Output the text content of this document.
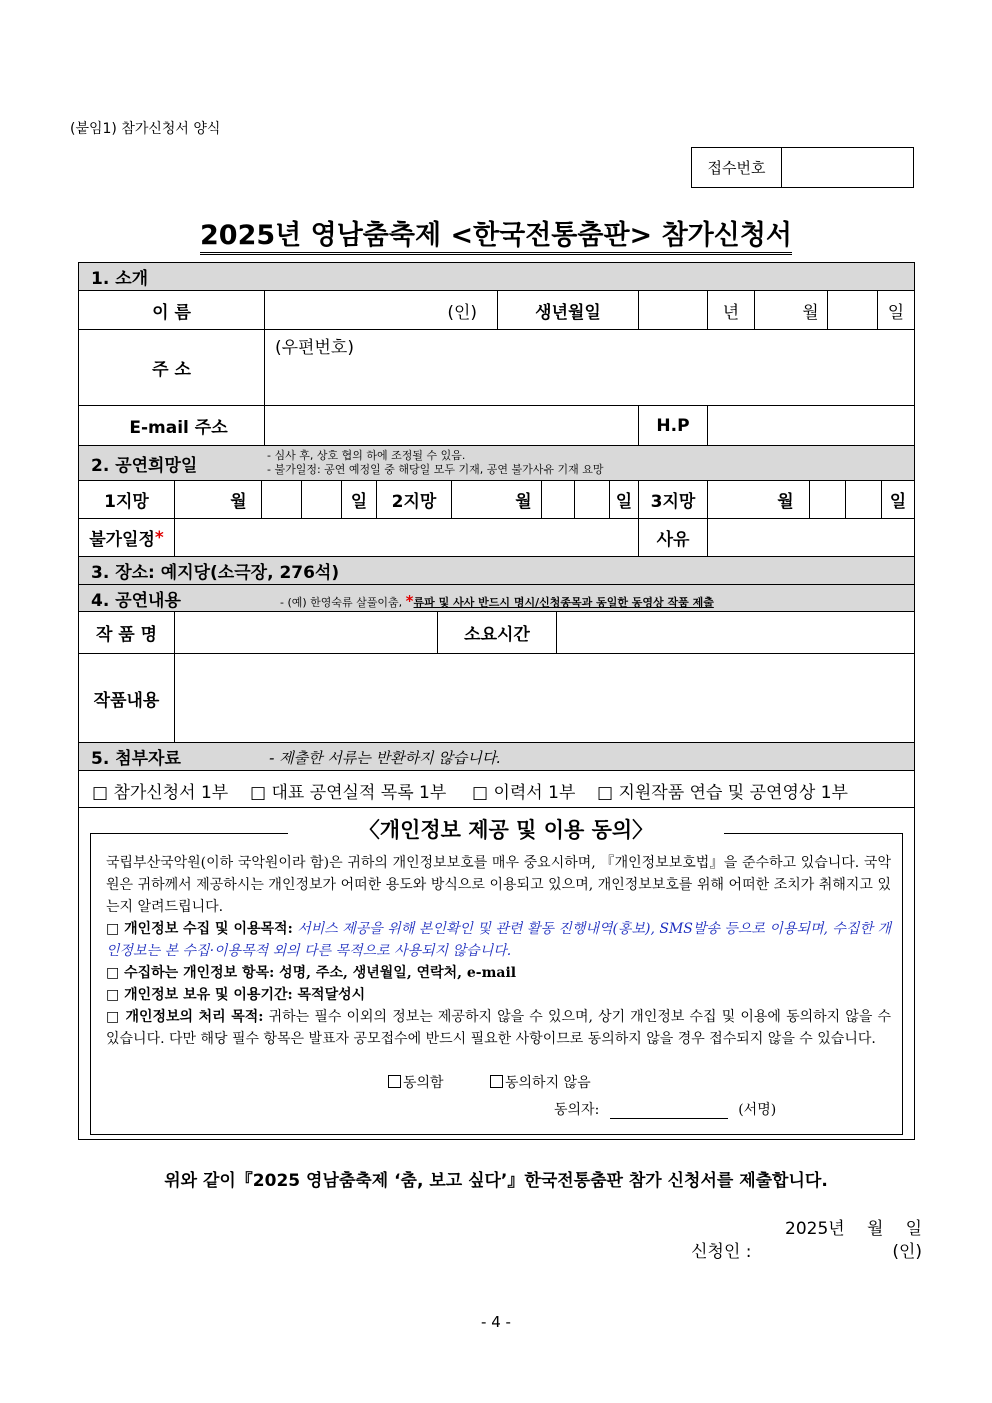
(붙임1) 참가신청서 양식
접수번호
2025년 영남춤축제 <한국전통춤판> 참가신청서
1. 소개
이 름	(인)	생년월일	년	월	일
주 소
(우편번호)
E-mail 주소	H.P
2. 공연희망일	- 심사 후, 상호 협의 하에 조정될 수 있음.
- 불가일정: 공연 예정일 중 해당일 모두 기재, 공연 불가사유 기재 요망
1지망	월	일	2지망	월	일	3지망	월	일
불가일정 *	사유
3. 장소: 예지당(소극장, 276석)
4. 공연내용	- (예) 한영숙류 살풀이춤, *류파 및 사사 반드시 명시/신청종목과 동일한 동영상 작품 제출
작 품 명	소요시간
작품내용
5. 첨부자료	- 제출한 서류는 반환하지 않습니다.
□ 참가신청서 1부 □ 대표 공연실적 목록 1부 □ 이력서 1부 □ 지원작품 연습 및 공연영상 1부
〈개인정보 제공 및 이용 동의〉
국립부산국악원(이하 국악원이라 함)은 귀하의 개인정보보호를 매우 중요시하며, 『개인정보보호법』을 준수하고 있습니다. 국악원은 귀하께서 제공하시는 개인정보가 어떠한 용도와 방식으로 이용되고 있으며, 개인정보보호를 위해 어떠한 조치가 취해지고 있는지 알려드립니다.
□ 개인정보 수집 및 이용목적: 서비스 제공을 위해 본인확인 및 관련 활동 진행내역(홍보), SMS발송 등으로 이용되며, 수집한 개인정보는 본 수집·이용목적 외의 다른 목적으로 사용되지 않습니다.
□ 수집하는 개인정보 항목: 성명, 주소, 생년월일, 연락처, e-mail
□ 개인정보 보유 및 이용기간: 목적달성시
□ 개인정보의 처리 목적: 귀하는 필수 이외의 정보는 제공하지 않을 수 있으며, 상기 개인정보 수집 및 이용에 동의하지 않을 수 있습니다. 다만 해당 필수 항목은 발표자 공모접수에 반드시 필요한 사항이므로 동의하지 않을 경우 접수되지 않을 수 있습니다.
동의함	동의하지 않음
동의자:	(서명)
위와 같이『2025 영남춤축제 ‘춤, 보고 싶다’』한국전통춤판 참가 신청서를 제출합니다.
2025년   월   일
신청인 :	(인)
- 4 -
